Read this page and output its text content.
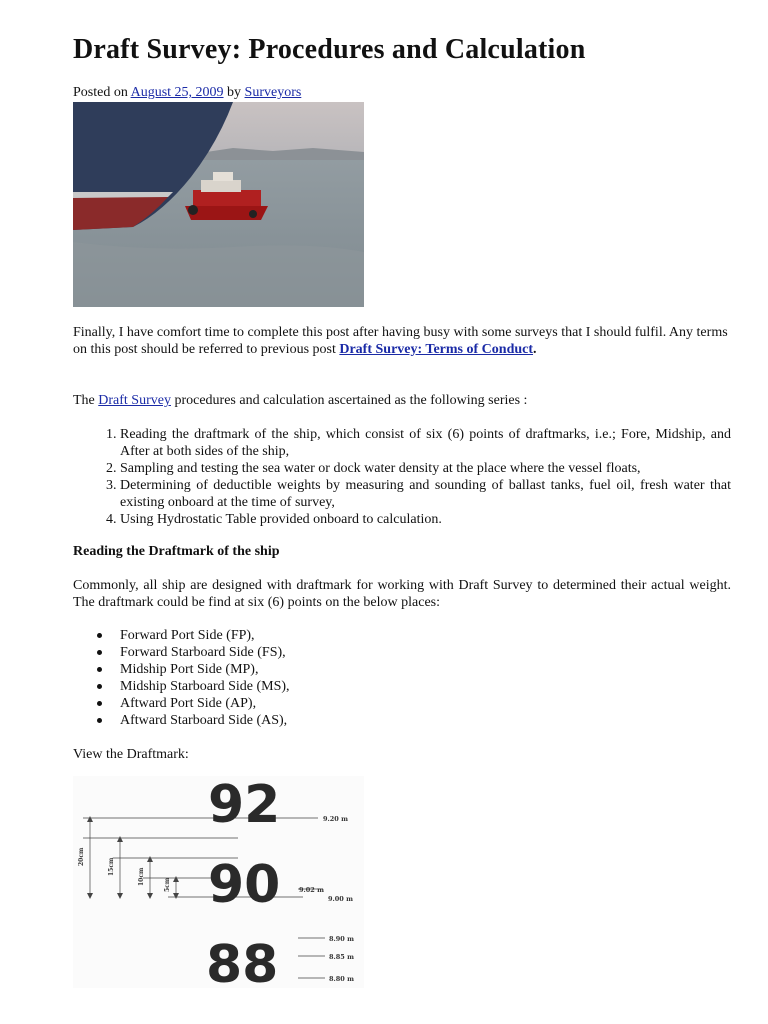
Draft Survey: Procedures and Calculation
Posted on August 25, 2009 by Surveyors

Finally, I have comfort time to complete this post after having busy with some surveys that I should fulfil. Any terms on this post should be referred to previous post Draft Survey: Terms of Conduct.

The Draft Survey procedures and calculation ascertained as the following series :

1. Reading the draftmark of the ship, which consist of six (6) points of draftmarks, i.e.; Fore, Midship, and After at both sides of the ship,
2. Sampling and testing the sea water or dock water density at the place where the vessel floats,
3. Determining of deductible weights by measuring and sounding of ballast tanks, fuel oil, fresh water that existing onboard at the time of survey,
4. Using Hydrostatic Table provided onboard to calculation.
Reading the Draftmark of the ship

Commonly, all ship are designed with draftmark for working with Draft Survey to determined their actual weight. The draftmark could be find at six (6) points on the below places:

Forward Port Side (FP),
Forward Starboard Side (FS),
Midship Port Side (MP),
Midship Starboard Side (MS),
Aftward Port Side (AP),
Aftward Starboard Side (AS),

View the Draftmark:

92
90
88
9.20 m
9.02 m
9.00 m
8.90 m
8.85 m
8.80 m
20cm
15cm
10cm	5cm
